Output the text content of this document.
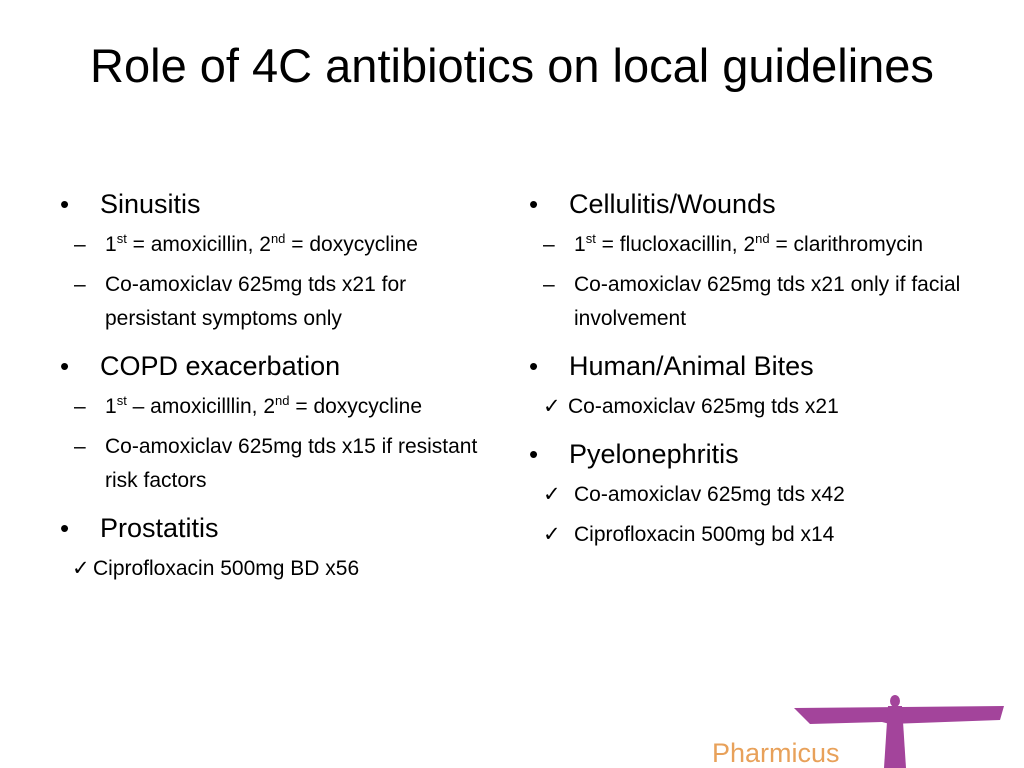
Role of 4C antibiotics on local guidelines
• Sinusitis
– 1st = amoxicillin, 2nd = doxycycline
– Co-amoxiclav 625mg tds x21 for persistant symptoms only
• COPD exacerbation
– 1st – amoxicilllin, 2nd = doxycycline
– Co-amoxiclav 625mg tds x15 if resistant risk factors
• Prostatitis
✓ Ciprofloxacin 500mg BD x56
• Cellulitis/Wounds
– 1st = flucloxacillin, 2nd = clarithromycin
– Co-amoxiclav 625mg tds x21 only if facial involvement
• Human/Animal Bites
✓ Co-amoxiclav 625mg tds x21
• Pyelonephritis
✓ Co-amoxiclav 625mg tds x42
✓ Ciprofloxacin 500mg bd x14
Pharmicus
